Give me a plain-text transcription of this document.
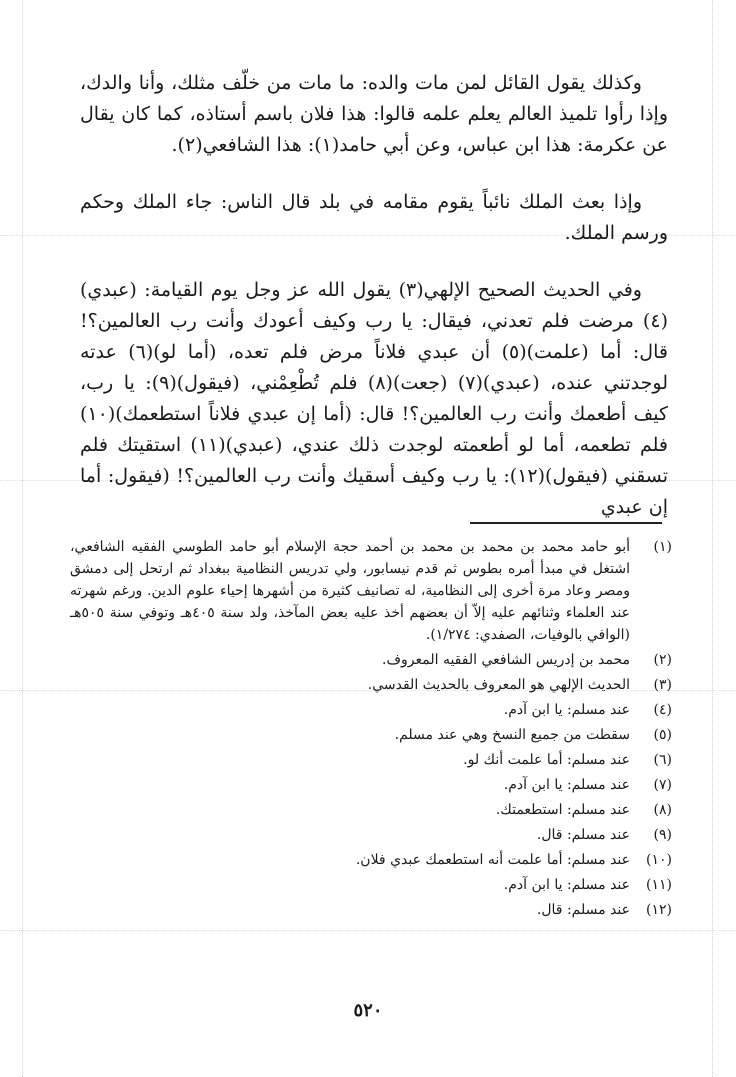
وكذلك يقول القائل لمن مات والده: ما مات من خلّف مثلك، وأنا والدك، وإذا رأوا تلميذ العالم يعلم علمه قالوا: هذا فلان باسم أستاذه، كما كان يقال عن عكرمة: هذا ابن عباس، وعن أبي حامد(١): هذا الشافعي(٢).

وإذا بعث الملك نائباً يقوم مقامه في بلد قال الناس: جاء الملك وحكم ورسم الملك.

وفي الحديث الصحيح الإلهي(٣) يقول الله عز وجل يوم القيامة: (عبدي)(٤) مرضت فلم تعدني، فيقال: يا رب وكيف أعودك وأنت رب العالمين؟! قال: أما (علمت)(٥) أن عبدي فلاناً مرض فلم تعده، (أما لو)(٦) عدته لوجدتني عنده، (عبدي)(٧) (جعت)(٨) فلم تُطْعِمْني، (فيقول)(٩): يا رب، كيف أطعمك وأنت رب العالمين؟! قال: (أما إن عبدي فلاناً استطعمك)(١٠) فلم تطعمه، أما لو أطعمته لوجدت ذلك عندي، (عبدي)(١١) استقيتك فلم تسقني (فيقول)(١٢): يا رب وكيف أسقيك وأنت رب العالمين؟! (فيقول: أما إن عبدي

(١)
أبو حامد محمد بن محمد بن محمد بن أحمد حجة الإسلام أبو حامد الطوسي الفقيه الشافعي، اشتغل في مبدأ أمره بطوس ثم قدم نيسابور، ولي تدريس النظامية ببغداد ثم ارتحل إلى دمشق ومصر وعاد مرة أخرى إلى النظامية، له تصانيف كثيرة من أشهرها إحياء علوم الدين. ورغم شهرته عند العلماء وثنائهم عليه إلاّ أن بعضهم أخذ عليه بعض المآخذ، ولد سنة ٤٠٥هـ وتوفي سنة ٥٠٥هـ (الوافي بالوفيات، الصفدي: ١/٢٧٤).
(٢)
محمد بن إدريس الشافعي الفقيه المعروف.
(٣)
الحديث الإلهي هو المعروف بالحديث القدسي.
(٤)
عند مسلم: يا ابن آدم.
(٥)
سقطت من جميع النسخ وهي عند مسلم.
(٦)
عند مسلم: أما علمت أنك لو.
(٧)
عند مسلم: يا ابن آدم.
(٨)
عند مسلم: استطعمتك.
(٩)
عند مسلم: قال.
(١٠)
عند مسلم: أما علمت أنه استطعمك عبدي فلان.
(١١)
عند مسلم: يا ابن آدم.
(١٢)
عند مسلم: قال.
٥٢٠
